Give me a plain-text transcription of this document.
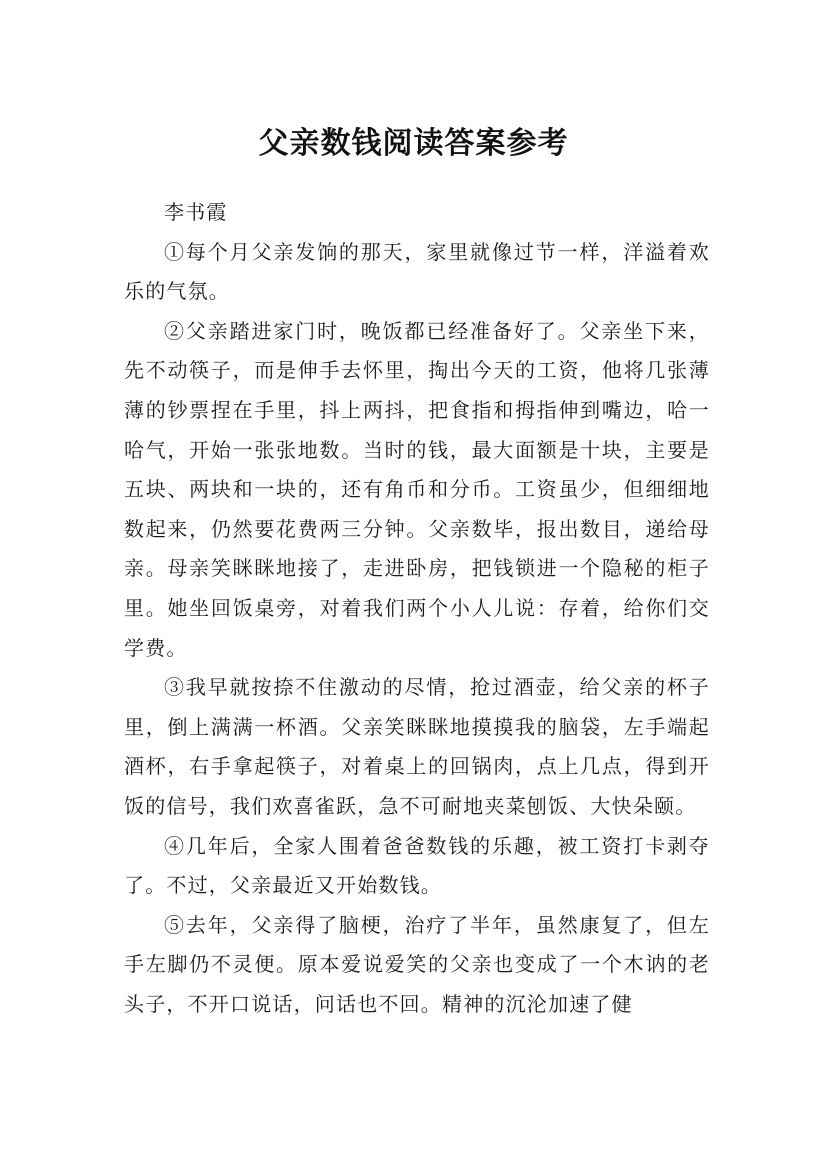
父亲数钱阅读答案参考

李书霞

①每个月父亲发饷的那天，家里就像过节一样，洋溢着欢乐的气氛。

②父亲踏进家门时，晚饭都已经准备好了。父亲坐下来，先不动筷子，而是伸手去怀里，掏出今天的工资，他将几张薄薄的钞票捏在手里，抖上两抖，把食指和拇指伸到嘴边，哈一哈气，开始一张张地数。当时的钱，最大面额是十块，主要是五块、两块和一块的，还有角币和分币。工资虽少，但细细地数起来，仍然要花费两三分钟。父亲数毕，报出数目，递给母亲。母亲笑眯眯地接了，走进卧房，把钱锁进一个隐秘的柜子里。她坐回饭桌旁，对着我们两个小人儿说：存着，给你们交学费。

③我早就按捺不住激动的尽情，抢过酒壶，给父亲的杯子里，倒上满满一杯酒。父亲笑眯眯地摸摸我的脑袋，左手端起酒杯，右手拿起筷子，对着桌上的回锅肉，点上几点，得到开饭的信号，我们欢喜雀跃，急不可耐地夹菜刨饭、大快朵颐。

④几年后，全家人围着爸爸数钱的乐趣，被工资打卡剥夺了。不过，父亲最近又开始数钱。

⑤去年，父亲得了脑梗，治疗了半年，虽然康复了，但左手左脚仍不灵便。原本爱说爱笑的父亲也变成了一个木讷的老头子，不开口说话，问话也不回。精神的沉沦加速了健
